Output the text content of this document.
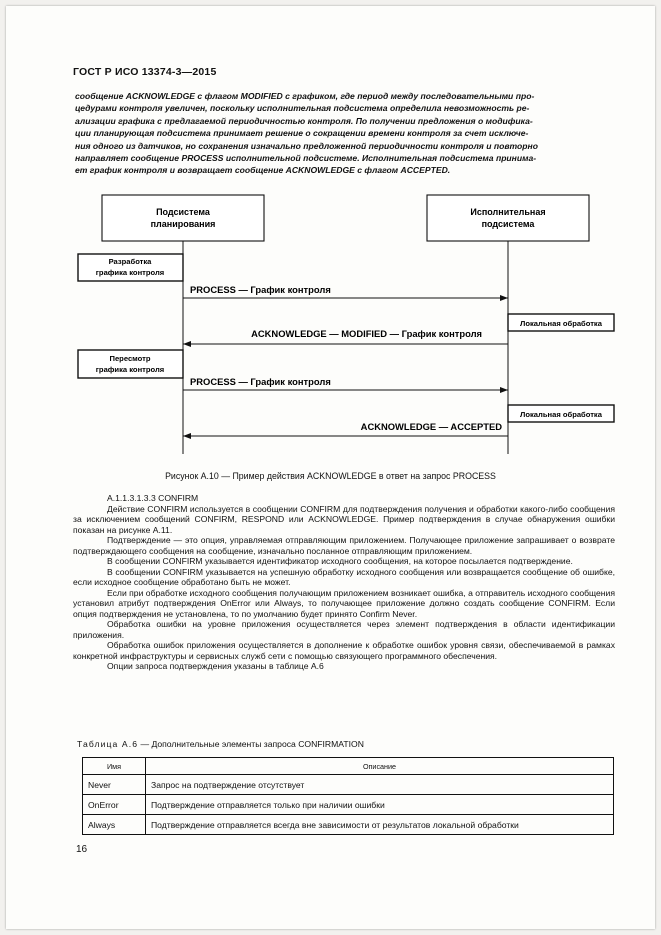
ГОСТ Р ИСО 13374-3—2015
сообщение ACKNOWLEDGE с флагом MODIFIED с графиком, где период между последовательными про-
цедурами контроля увеличен, поскольку исполнительная подсистема определила невозможность ре-
ализации графика с предлагаемой периодичностью контроля. По получении предложения о модифика-
ции планирующая подсистема принимает решение о сокращении времени контроля за счет исключе-
ния одного из датчиков, но сохранения изначально предложенной периодичности контроля и повторно
направляет сообщение PROCESS исполнительной подсистеме. Исполнительная подсистема принима-
ет график контроля и возвращает сообщение ACKNOWLEDGE с флагом ACCEPTED.
Подсистема
планирования
Исполнительная
подсистема
Разработка
графика контроля
Пересмотр
графика контроля
Локальная обработка
Локальная обработка
PROCESS — График контроля
ACKNOWLEDGE — MODIFIED — График контроля
PROCESS — График контроля
ACKNOWLEDGE — ACCEPTED
Рисунок А.10 — Пример действия ACKNOWLEDGE в ответ на запрос PROCESS

А.1.1.3.1.3.3 CONFIRM

Действие CONFIRM используется в сообщении CONFIRM для подтверждения получения и обработки какого-либо сообщения за исключением сообщений CONFIRM, RESPOND или ACKNOWLEDGE. Пример подтверждения в случае обнаружения ошибки показан на рисунке А.11.

Подтверждение — это опция, управляемая отправляющим приложением. Получающее приложение запрашивает о возврате подтверждающего сообщения на сообщение, изначально посланное отправляющим приложением.

В сообщении CONFIRM указывается идентификатор исходного сообщения, на которое посылается подтверждение.

В сообщении CONFIRM указывается на успешную обработку исходного сообщения или возвращается сообщение об ошибке, если исходное сообщение обработано быть не может.

Если при обработке исходного сообщения получающим приложением возникает ошибка, а отправитель исходного сообщения установил атрибут подтверждения OnError или Always, то получающее приложение должно создать сообщение CONFIRM. Если опция подтверждения не установлена, то по умолчанию будет принято Confirm Never.

Обработка ошибки на уровне приложения осуществляется через элемент подтверждения в области идентификации приложения.

Обработка ошибок приложения осуществляется в дополнение к обработке ошибок уровня связи, обеспечиваемой в рамках конкретной инфраструктуры и сервисных служб сети с помощью связующего программного обеспечения.

Опции запроса подтверждения указаны в таблице А.6

Таблица А.6 — Дополнительные элементы запроса CONFIRMATION
Имя	Описание
Never	Запрос на подтверждение отсутствует
OnError	Подтверждение отправляется только при наличии ошибки
Always	Подтверждение отправляется всегда вне зависимости от результатов локальной обработки
16
